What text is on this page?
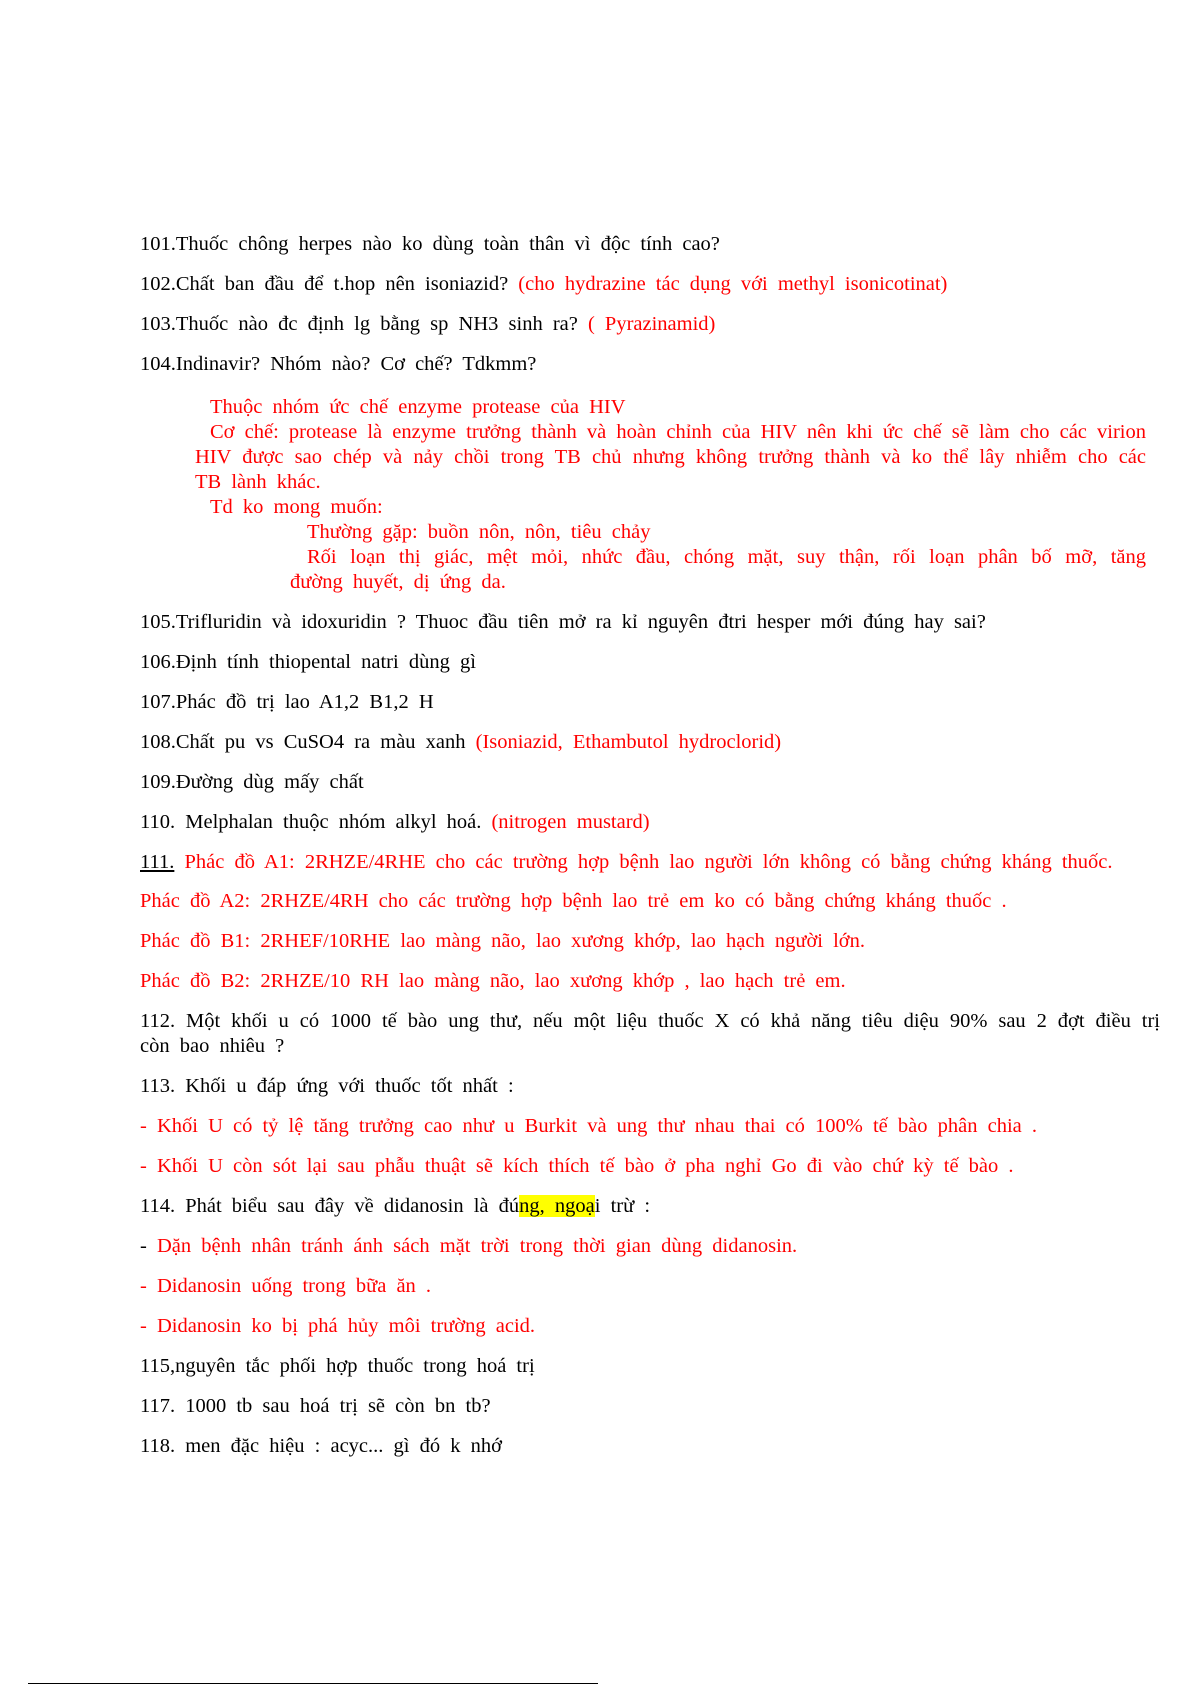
101.Thuốc chông herpes nào ko dùng toàn thân vì độc tính cao?

102.Chất ban đầu để t.hop nên isoniazid? (cho hydrazine tác dụng với methyl isonicotinat)

103.Thuốc nào đc định lg bằng sp NH3 sinh ra? ( Pyrazinamid)

104.Indinavir? Nhóm nào? Cơ chế? Tdkmm?

Thuộc nhóm ức chế enzyme protease của HIV
Cơ chế: protease là enzyme trưởng thành và hoàn chỉnh của HIV nên khi ức chế sẽ làm cho các virion HIV được sao chép và nảy chồi trong TB chủ nhưng không trưởng thành và ko thể lây nhiễm cho các TB lành khác.
Td ko mong muốn:
Thường gặp: buồn nôn, nôn, tiêu chảy
Rối loạn thị giác, mệt mỏi, nhức đầu, chóng mặt, suy thận, rối loạn phân bố mỡ, tăng đường huyết, dị ứng da.

105.Trifluridin và idoxuridin ? Thuoc đầu tiên mở ra kỉ nguyên đtri hesper mới đúng hay sai?

106.Định tính thiopental natri dùng gì

107.Phác đồ trị lao A1,2 B1,2 H

108.Chất pu vs CuSO4 ra màu xanh (Isoniazid, Ethambutol hydroclorid)

109.Đường dùg mấy chất

110. Melphalan thuộc nhóm alkyl hoá. (nitrogen mustard)

111. Phác đồ A1: 2RHZE/4RHE cho các trường hợp bệnh lao người lớn không có bằng chứng kháng thuốc.

Phác đồ A2: 2RHZE/4RH cho các trường hợp bệnh lao trẻ em ko có bằng chứng kháng thuốc .

Phác đồ B1: 2RHEF/10RHE lao màng não, lao xương khớp, lao hạch người lớn.

Phác đồ B2: 2RHZE/10 RH lao màng não, lao xương khớp , lao hạch trẻ em.

112. Một khối u có 1000 tế bào ung thư, nếu một liệu thuốc X có khả năng tiêu diệu 90% sau 2 đợt điều trị còn bao nhiêu ?

113. Khối u đáp ứng với thuốc tốt nhất :

- Khối U có tỷ lệ tăng trưởng cao như u Burkit và ung thư nhau thai có 100% tế bào phân chia .

- Khối U còn sót lại sau phẫu thuật sẽ kích thích tế bào ở pha nghỉ Go đi vào chứ kỳ tế bào .

114. Phát biểu sau đây về didanosin là đúng, ngoại trừ :

- Dặn bệnh nhân tránh ánh sách mặt trời trong thời gian dùng didanosin.

- Didanosin uống trong bữa ăn .

- Didanosin ko bị phá hủy môi trường acid.

115,nguyên tắc phối hợp thuốc trong hoá trị

117. 1000 tb sau hoá trị sẽ còn bn tb?

118. men đặc hiệu : acyc... gì đó k nhớ
